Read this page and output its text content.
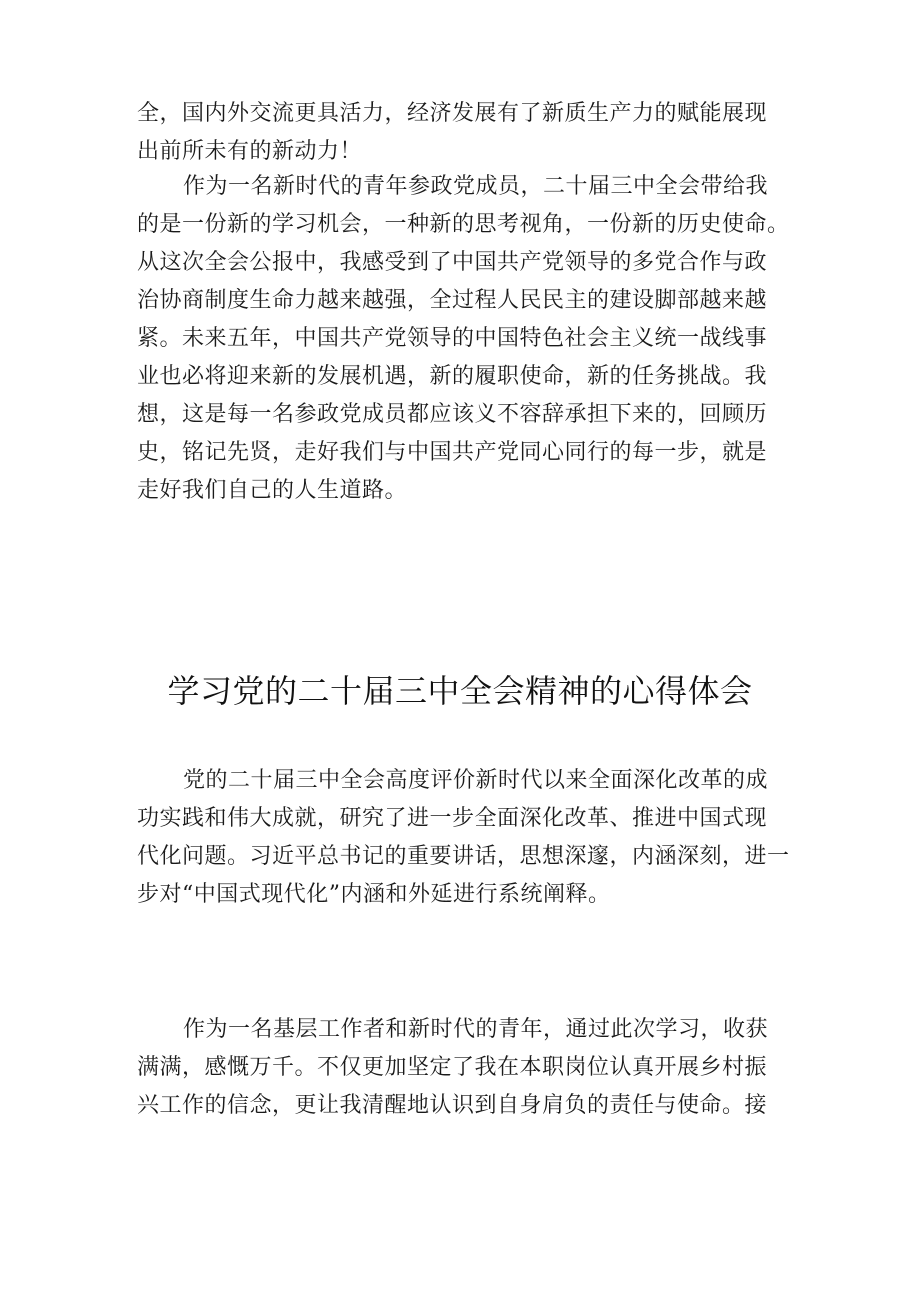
全，国内外交流更具活力，经济发展有了新质生产力的赋能展现
出前所未有的新动力！
作为一名新时代的青年参政党成员，二十届三中全会带给我
的是一份新的学习机会，一种新的思考视角，一份新的历史使命。
从这次全会公报中，我感受到了中国共产党领导的多党合作与政
治协商制度生命力越来越强，全过程人民民主的建设脚部越来越
紧。未来五年，中国共产党领导的中国特色社会主义统一战线事
业也必将迎来新的发展机遇，新的履职使命，新的任务挑战。我
想，这是每一名参政党成员都应该义不容辞承担下来的，回顾历
史，铭记先贤，走好我们与中国共产党同心同行的每一步，就是
走好我们自己的人生道路。
学习党的二十届三中全会精神的心得体会
党的二十届三中全会高度评价新时代以来全面深化改革的成
功实践和伟大成就，研究了进一步全面深化改革、推进中国式现
代化问题。习近平总书记的重要讲话，思想深邃，内涵深刻，进一
步对“中国式现代化”内涵和外延进行系统阐释。
作为一名基层工作者和新时代的青年，通过此次学习，收获
满满，感慨万千。不仅更加坚定了我在本职岗位认真开展乡村振
兴工作的信念，更让我清醒地认识到自身肩负的责任与使命。接
